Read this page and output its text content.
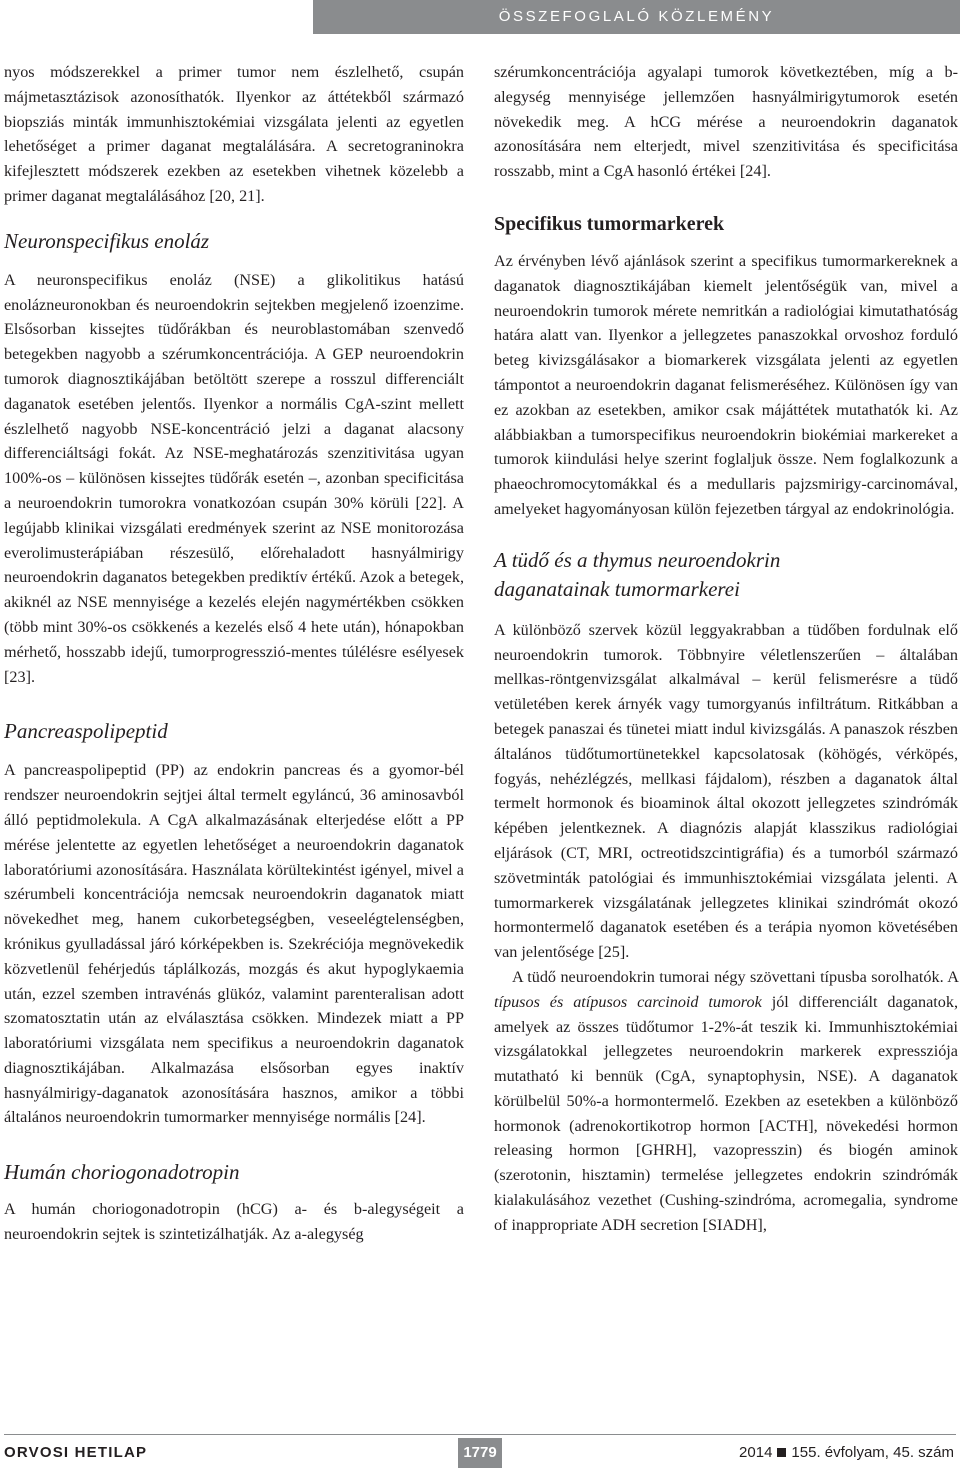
ÖSSZEFOGLALÓ KÖZLEMÉNY

nyos módszerekkel a primer tumor nem észlelhető, csupán májmetasztázisok azonosíthatók. Ilyenkor az áttétekből származó biopsziás minták immunhisztokémiai vizsgálata jelenti az egyetlen lehetőséget a primer daganat megtalálására. A secretograninokra kifejlesztett módszerek ezekben az esetekben vihetnek közelebb a primer daganat megtalálásához [20, 21].

Neuronspecifikus enoláz

A neuronspecifikus enoláz (NSE) a glikolitikus hatású enolázneuronokban és neuroendokrin sejtekben megjelenő izoenzime. Elsősorban kissejtes tüdőrákban és neuroblastomában szenvedő betegekben nagyobb a szérumkoncentrációja. A GEP neuroendokrin tumorok diagnosztikájában betöltött szerepe a rosszul differenciált daganatok esetében jelentős. Ilyenkor a normális CgA-szint mellett észlelhető nagyobb NSE-koncentráció jelzi a daganat alacsony differenciáltsági fokát. Az NSE-meghatározás szenzitivitása ugyan 100%-os – különösen kissejtes tüdőrák esetén –, azonban specificitása a neuroendokrin tumorokra vonatkozóan csupán 30% körüli [22]. A legújabb klinikai vizsgálati eredmények szerint az NSE monitorozása everolimusterápiában részesülő, előrehaladott hasnyálmirigy neuroendokrin daganatos betegekben prediktív értékű. Azok a betegek, akiknél az NSE mennyisége a kezelés elején nagymértékben csökken (több mint 30%-os csökkenés a kezelés első 4 hete után), hónapokban mérhető, hosszabb idejű, tumorprogresszió-mentes túlélésre esélyesek [23].

Pancreaspolipeptid

A pancreaspolipeptid (PP) az endokrin pancreas és a gyomor-bél rendszer neuroendokrin sejtjei által termelt egyláncú, 36 aminosavból álló peptidmolekula. A CgA alkalmazásának elterjedése előtt a PP mérése jelentette az egyetlen lehetőséget a neuroendokrin daganatok laboratóriumi azonosítására. Használata körültekintést igényel, mivel a szérumbeli koncentrációja nemcsak neuroendokrin daganatok miatt növekedhet meg, hanem cukorbetegségben, veseelégtelenségben, krónikus gyulladással járó kórképekben is. Szekréciója megnövekedik közvetlenül fehérjedús táplálkozás, mozgás és akut hypoglykaemia után, ezzel szemben intravénás glükóz, valamint parenteralisan adott szomatosztatin után az elválasztása csökken. Mindezek miatt a PP laboratóriumi vizsgálata nem specifikus a neuroendokrin daganatok diagnosztikájában. Alkalmazása elsősorban egyes inaktív hasnyálmirigy-daganatok azonosítására hasznos, amikor a többi általános neuroendokrin tumormarker mennyisége normális [24].

Humán choriogonadotropin

A humán choriogonadotropin (hCG) a- és b-alegységeit a neuroendokrin sejtek is szintetizálhatják. Az a-alegység

szérumkoncentrációja agyalapi tumorok következtében, míg a b-alegység mennyisége jellemzően hasnyálmirigytumorok esetén növekedik meg. A hCG mérése a neuroendokrin daganatok azonosítására nem elterjedt, mivel szenzitivitása és specificitása rosszabb, mint a CgA hasonló értékei [24].

Specifikus tumormarkerek

Az érvényben lévő ajánlások szerint a specifikus tumormarkereknek a daganatok diagnosztikájában kiemelt jelentőségük van, mivel a neuroendokrin tumorok mérete nemritkán a radiológiai kimutathatóság határa alatt van. Ilyenkor a jellegzetes panaszokkal orvoshoz forduló beteg kivizsgálásakor a biomarkerek vizsgálata jelenti az egyetlen támpontot a neuroendokrin daganat felismeréséhez. Különösen így van ez azokban az esetekben, amikor csak májáttétek mutathatók ki. Az alábbiakban a tumorspecifikus neuroendokrin biokémiai markereket a tumorok kiindulási helye szerint foglaljuk össze. Nem foglalkozunk a phaeochromocytomákkal és a medullaris pajzsmirigy-carcinomával, amelyeket hagyományosan külön fejezetben tárgyal az endokrinológia.

A tüdő és a thymus neuroendokrin
daganatainak tumormarkerei

A különböző szervek közül leggyakrabban a tüdőben fordulnak elő neuroendokrin tumorok. Többnyire véletlenszerűen – általában mellkas-röntgenvizsgálat alkalmával – kerül felismerésre a tüdő vetületében kerek árnyék vagy tumorgyanús infiltrátum. Ritkábban a betegek panaszai és tünetei miatt indul kivizsgálás. A panaszok részben általános tüdőtumortünetekkel kapcsolatosak (köhögés, vérköpés, fogyás, nehézlégzés, mellkasi fájdalom), részben a daganatok által termelt hormonok és bioaminok által okozott jellegzetes szindrómák képében jelentkeznek. A diagnózis alapját klasszikus radiológiai eljárások (CT, MRI, octreotidszcintigráfia) és a tumorból származó szövetminták patológiai és immunhisztokémiai vizsgálata jelenti. A tumormarkerek vizsgálatának jellegzetes klinikai szindrómát okozó hormontermelő daganatok esetében és a terápia nyomon követésében van jelentősége [25].

A tüdő neuroendokrin tumorai négy szövettani típusba sorolhatók. A típusos és atípusos carcinoid tumorok jól differenciált daganatok, amelyek az összes tüdőtumor 1-2%-át teszik ki. Immunhisztokémiai vizsgálatokkal jellegzetes neuroendokrin markerek expressziója mutatható ki bennük (CgA, synaptophysin, NSE). A daganatok körülbelül 50%-a hormontermelő. Ezekben az esetekben a különböző hormonok (adrenokortikotrop hormon [ACTH], növekedési hormon releasing hormon [GHRH], vazopresszin) és biogén aminok (szerotonin, hisztamin) termelése jellegzetes endokrin szindrómák kialakulásához vezethet (Cushing-szindróma, acromegalia, syndrome of inappropriate ADH secretion [SIADH],

ORVOSI HETILAP	1779	2014 155. évfolyam, 45. szám
